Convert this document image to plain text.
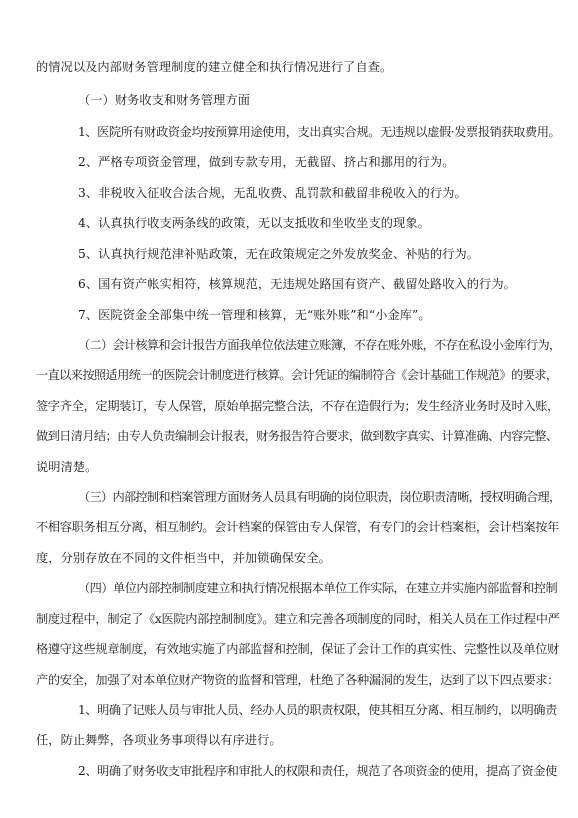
的情况以及内部财务管理制度的建立健全和执行情况进行了自查。
（一）财务收支和财务管理方面
1、医院所有财政资金均按预算用途使用，支出真实合规。无违规以虚假·发票报销获取费用。
2、严格专项资金管理，做到专款专用，无截留、挤占和挪用的行为。
3、非税收入征收合法合规，无乱收费、乱罚款和截留非税收入的行为。
4、认真执行收支两条线的政策，无以支抵收和坐收坐支的现象。
5、认真执行规范津补贴政策，无在政策规定之外发放奖金、补贴的行为。
6、国有资产帐实相符，核算规范，无违规处路国有资产、截留处路收入的行为。
7、医院资金全部集中统一管理和核算，无“账外账”和“小金库”。
（二）会计核算和会计报告方面我单位依法建立账簿，不存在账外账，不存在私设小金库行为，
一直以来按照适用统一的医院会计制度进行核算。会计凭证的编制符合《会计基础工作规范》的要求，
签字齐全，定期装订，专人保管，原始单据完整合法，不存在造假行为；发生经济业务时及时入账，
做到日清月结；由专人负责编制会计报表，财务报告符合要求，做到数字真实、计算准确、内容完整、
说明清楚。
（三）内部控制和档案管理方面财务人员具有明确的岗位职责，岗位职责清晰，授权明确合理，
不相容职务相互分离，相互制约。会计档案的保管由专人保管，有专门的会计档案柜，会计档案按年
度，分别存放在不同的文件柜当中，并加锁确保安全。
（四）单位内部控制制度建立和执行情况根据本单位工作实际，在建立并实施内部监督和控制
制度过程中，制定了《x医院内部控制制度》。建立和完善各项制度的同时，相关人员在工作过程中严
格遵守这些规章制度，有效地实施了内部监督和控制，保证了会计工作的真实性、完整性以及单位财
产的安全，加强了对本单位财产物资的监督和管理，杜绝了各种漏洞的发生，达到了以下四点要求：
1、明确了记账人员与审批人员、经办人员的职责权限，使其相互分离、相互制约，以明确责
任，防止舞弊，各项业务事项得以有序进行。
2、明确了财务收支审批程序和审批人的权限和责任，规范了各项资金的使用，提高了资金使
